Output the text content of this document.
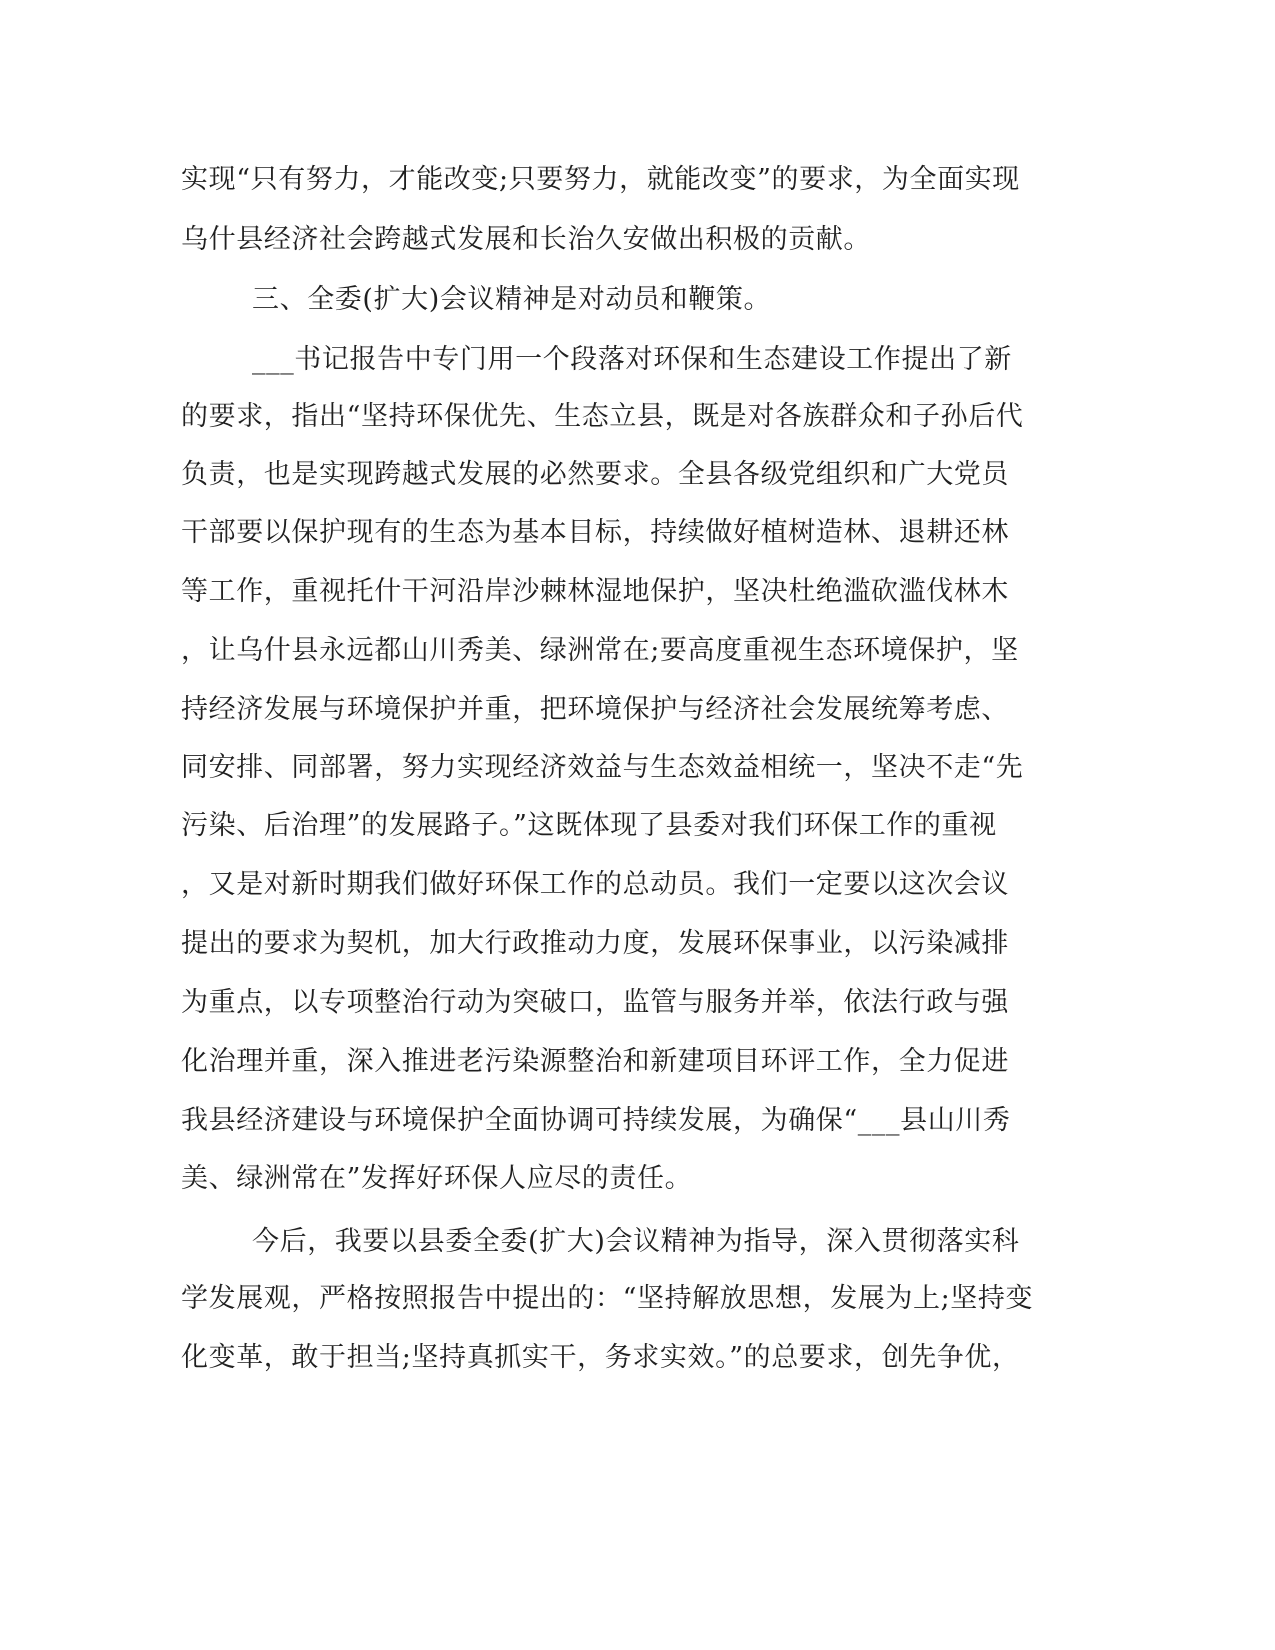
实现“只有努力，才能改变;只要努力，就能改变”的要求，为全面实现
乌什县经济社会跨越式发展和长治久安做出积极的贡献。
三、全委(扩大)会议精神是对动员和鞭策。
___书记报告中专门用一个段落对环保和生态建设工作提出了新
的要求，指出“坚持环保优先、生态立县，既是对各族群众和子孙后代
负责，也是实现跨越式发展的必然要求。全县各级党组织和广大党员
干部要以保护现有的生态为基本目标，持续做好植树造林、退耕还林
等工作，重视托什干河沿岸沙棘林湿地保护，坚决杜绝滥砍滥伐林木
，让乌什县永远都山川秀美、绿洲常在;要高度重视生态环境保护，坚
持经济发展与环境保护并重，把环境保护与经济社会发展统筹考虑、
同安排、同部署，努力实现经济效益与生态效益相统一，坚决不走“先
污染、后治理”的发展路子。”这既体现了县委对我们环保工作的重视
，又是对新时期我们做好环保工作的总动员。我们一定要以这次会议
提出的要求为契机，加大行政推动力度，发展环保事业，以污染减排
为重点，以专项整治行动为突破口，监管与服务并举，依法行政与强
化治理并重，深入推进老污染源整治和新建项目环评工作，全力促进
我县经济建设与环境保护全面协调可持续发展，为确保“___县山川秀
美、绿洲常在”发挥好环保人应尽的责任。
今后，我要以县委全委(扩大)会议精神为指导，深入贯彻落实科
学发展观，严格按照报告中提出的：“坚持解放思想，发展为上;坚持变
化变革，敢于担当;坚持真抓实干，务求实效。”的总要求，创先争优，
